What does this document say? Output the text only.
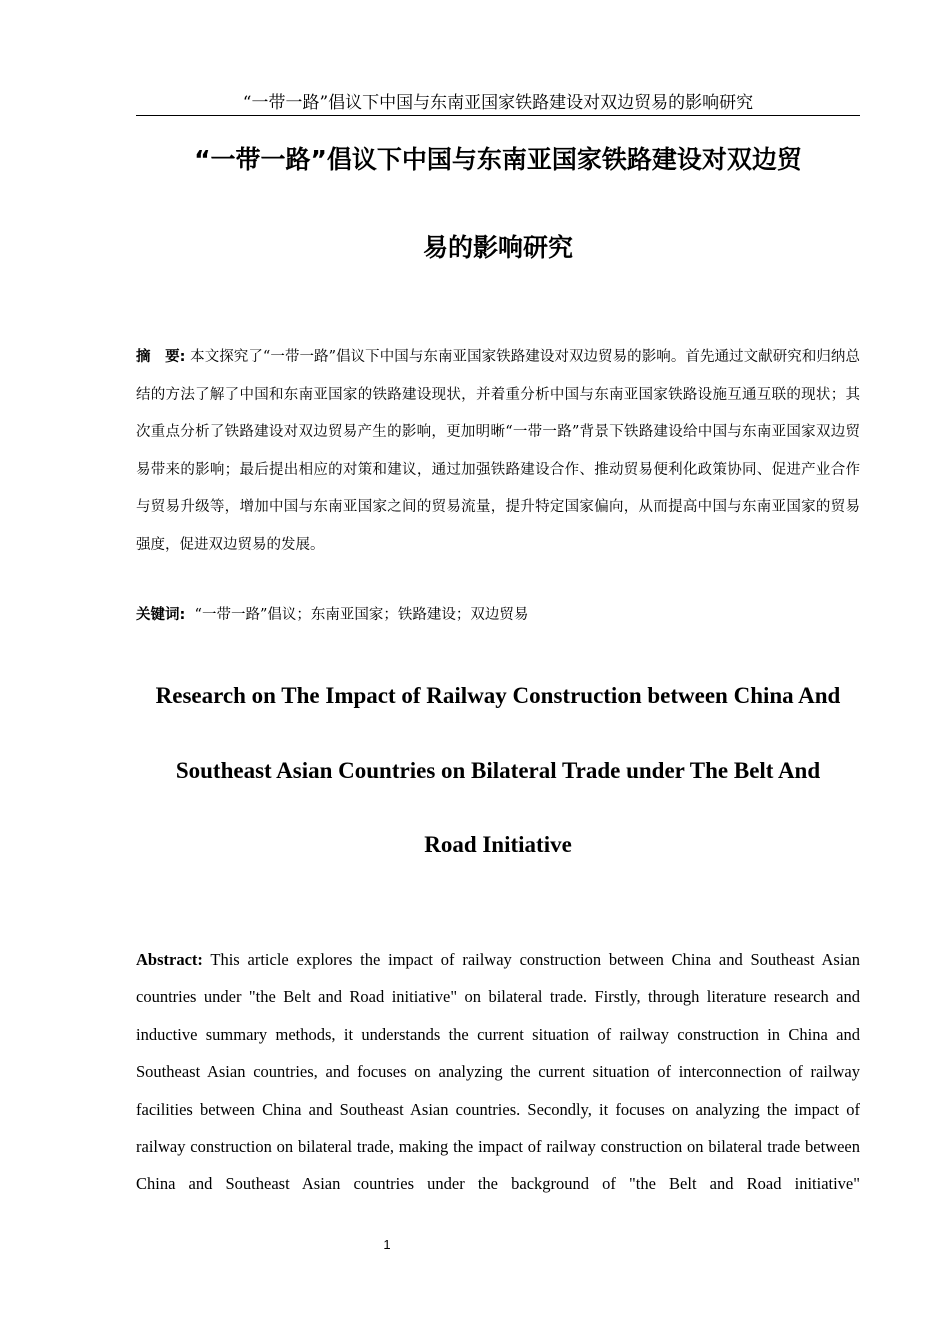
“一带一路”倡议下中国与东南亚国家铁路建设对双边贸易的影响研究
“一带一路”倡议下中国与东南亚国家铁路建设对双边贸
易的影响研究

摘　要: 本文探究了“一带一路”倡议下中国与东南亚国家铁路建设对双边贸易的影响。首先通过文献研究和归纳总结的方法了解了中国和东南亚国家的铁路建设现状，并着重分析中国与东南亚国家铁路设施互通互联的现状；其次重点分析了铁路建设对双边贸易产生的影响，更加明晰“一带一路”背景下铁路建设给中国与东南亚国家双边贸易带来的影响；最后提出相应的对策和建议，通过加强铁路建设合作、推动贸易便利化政策协同、促进产业合作与贸易升级等，增加中国与东南亚国家之间的贸易流量，提升特定国家偏向，从而提高中国与东南亚国家的贸易强度，促进双边贸易的发展。

关键词: “一带一路”倡议；东南亚国家；铁路建设；双边贸易

Research on The Impact of Railway Construction between China And
Southeast Asian Countries on Bilateral Trade under The Belt And
Road Initiative

Abstract: This article explores the impact of railway construction between China and Southeast Asian countries under "the Belt and Road initiative" on bilateral trade. Firstly, through literature research and inductive summary methods, it understands the current situation of railway construction in China and Southeast Asian countries, and focuses on analyzing the current situation of interconnection of railway facilities between China and Southeast Asian countries. Secondly, it focuses on analyzing the impact of railway construction on bilateral trade, making the impact of railway construction on bilateral trade between China and Southeast Asian countries under the background of "the Belt and Road initiative"

1
